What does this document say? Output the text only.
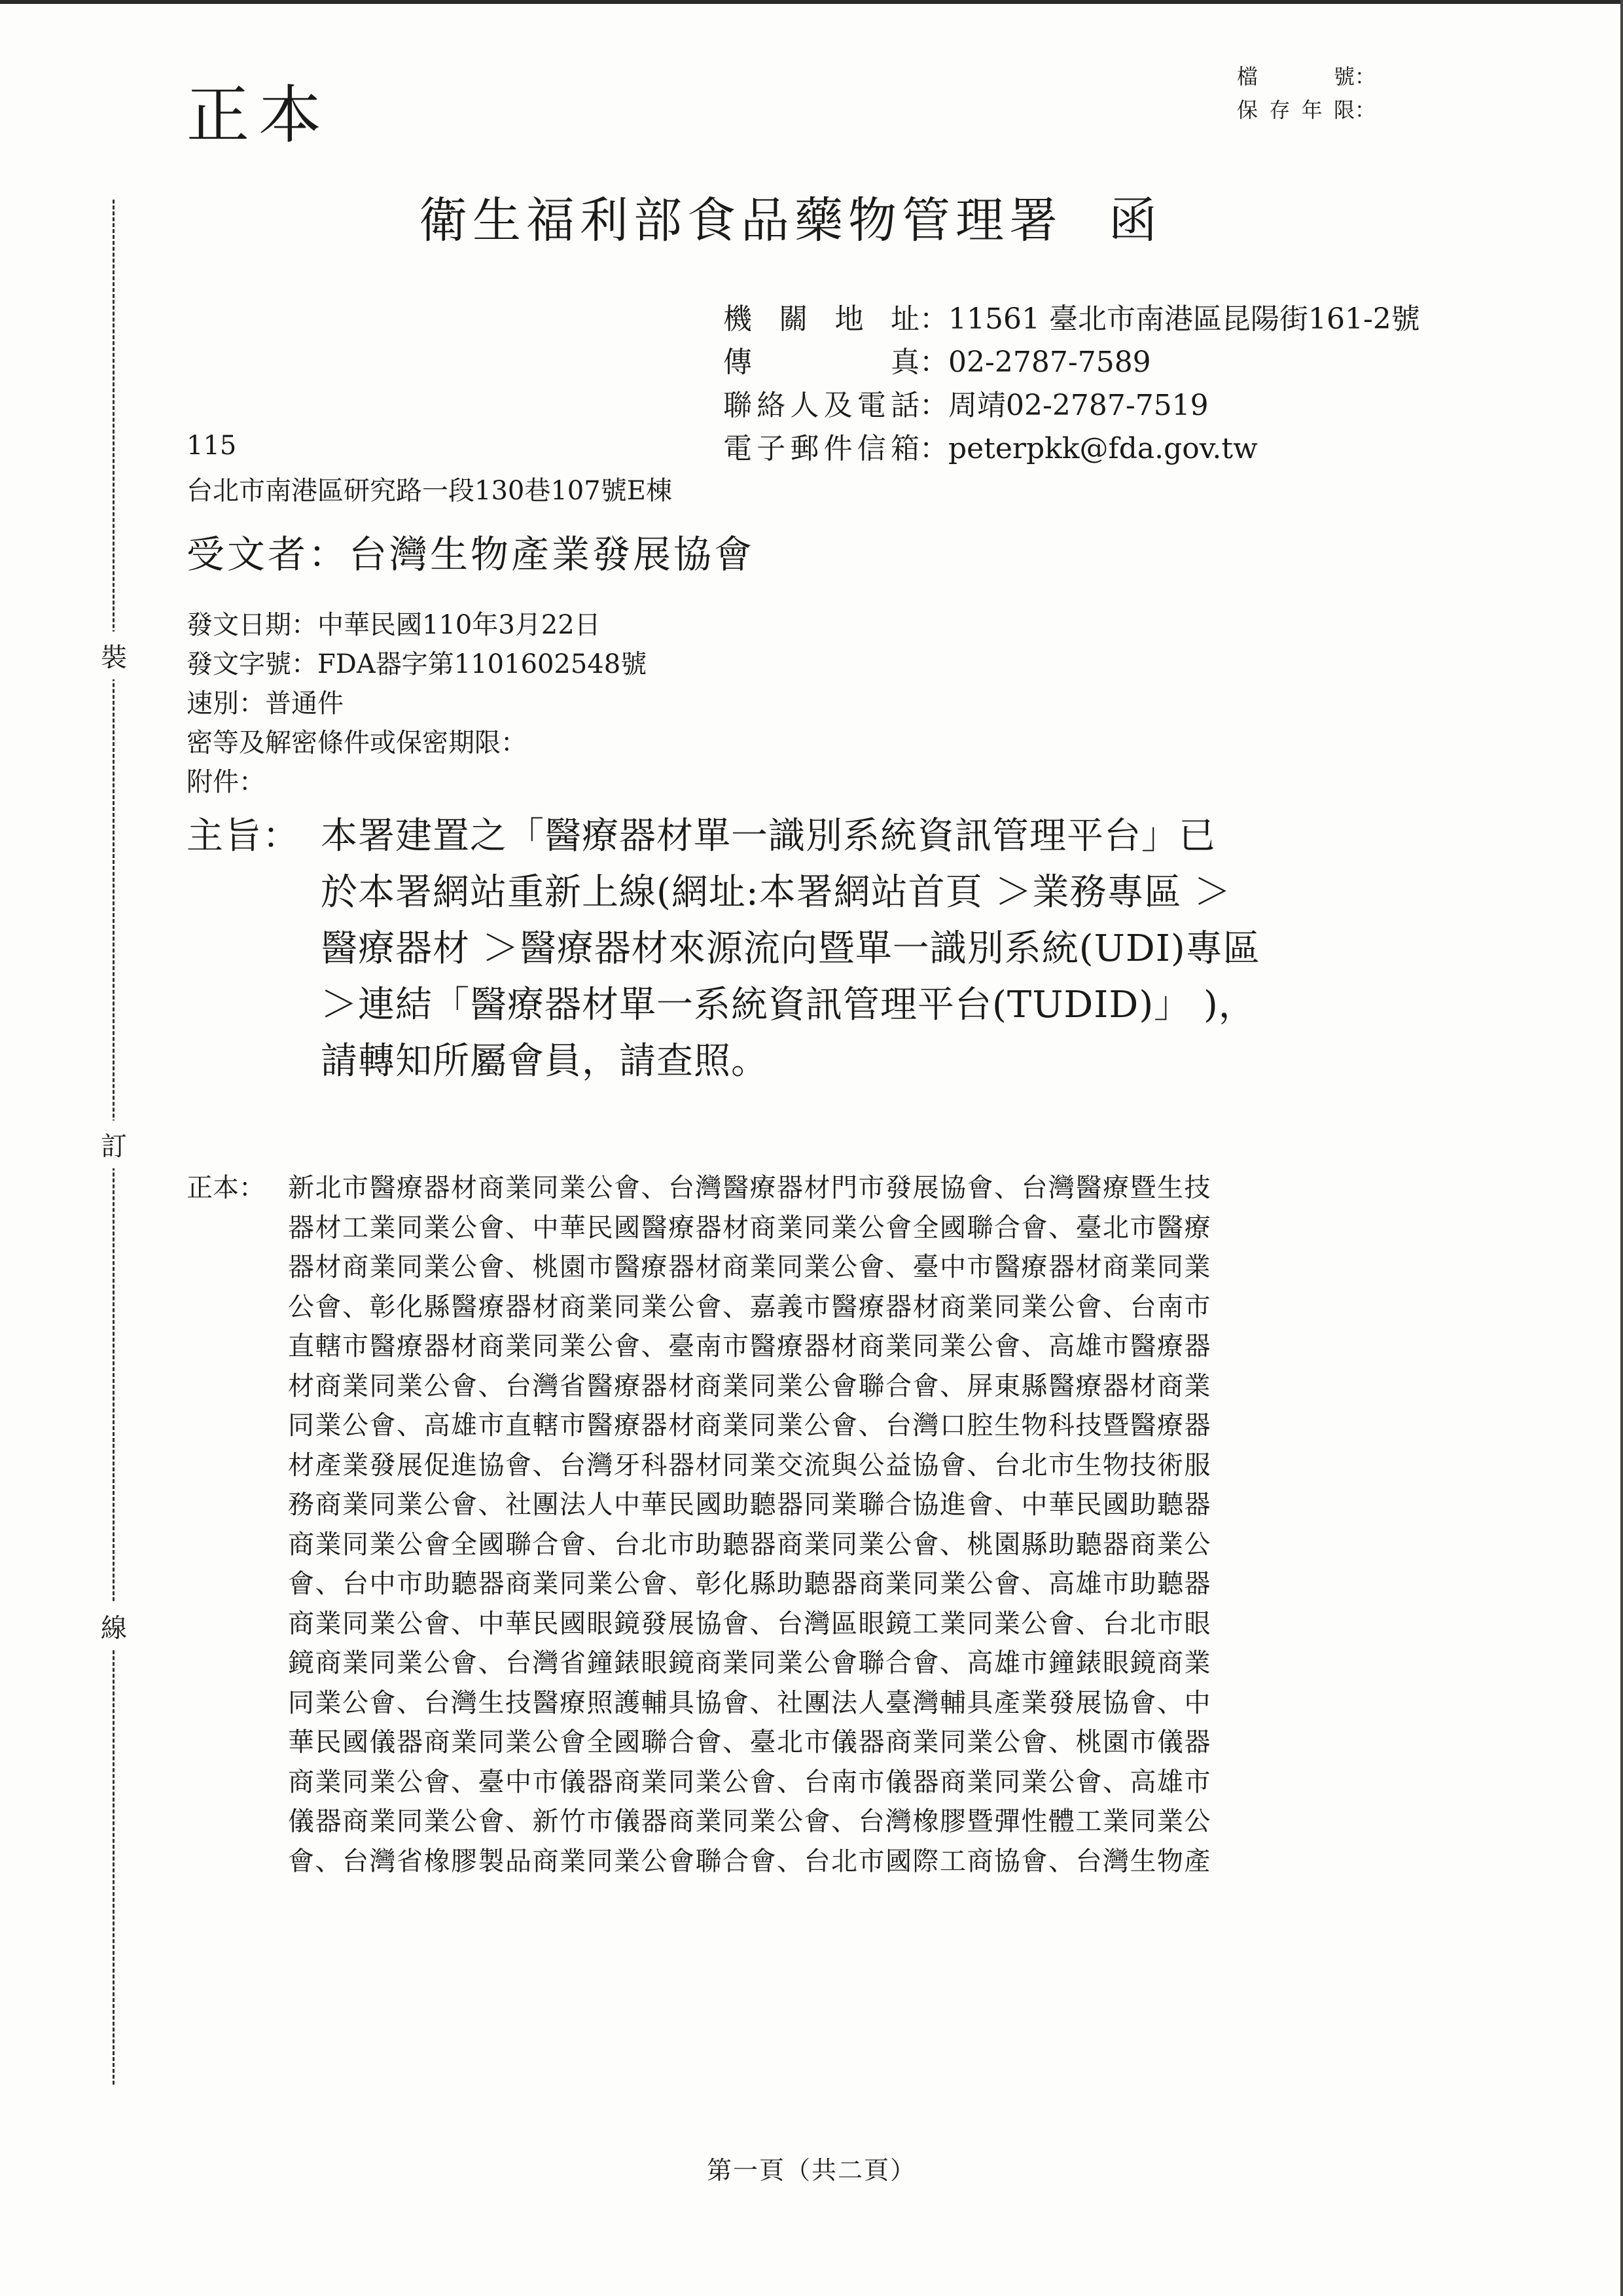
正本
檔號 ：
保存年限 ：
衛生福利部食品藥物管理署 函
機關地址 ： 11561 臺北市南港區昆陽街161-2號
傳真 ： 02-2787-7589
聯絡人及電話 ： 周靖02-2787-7519
電子郵件信箱 ： peterpkk@fda.gov.tw
115
台北市南港區研究路一段130巷107號E棟
受文者：台灣生物產業發展協會
發文日期：中華民國110年3月22日
發文字號：FDA器字第1101602548號
速別：普通件
密等及解密條件或保密期限：
附件：
主旨： 本署建置之「醫療器材單一識別系統資訊管理平台」已
於本署網站重新上線(網址:本署網站首頁 ＞業務專區 ＞
醫療器材 ＞醫療器材來源流向暨單一識別系統(UDI)專區
＞連結「醫療器材單一系統資訊管理平台(TUDID)」 )，
請轉知所屬會員，請查照。
正本： 新北市醫療器材商業同業公會、台灣醫療器材門市發展協會、台灣醫療暨生技
器材工業同業公會、中華民國醫療器材商業同業公會全國聯合會、臺北市醫療
器材商業同業公會、桃園市醫療器材商業同業公會、臺中市醫療器材商業同業
公會、彰化縣醫療器材商業同業公會、嘉義市醫療器材商業同業公會、台南市
直轄市醫療器材商業同業公會、臺南市醫療器材商業同業公會、高雄市醫療器
材商業同業公會、台灣省醫療器材商業同業公會聯合會、屏東縣醫療器材商業
同業公會、高雄市直轄市醫療器材商業同業公會、台灣口腔生物科技暨醫療器
材產業發展促進協會、台灣牙科器材同業交流與公益協會、台北市生物技術服
務商業同業公會、社團法人中華民國助聽器同業聯合協進會、中華民國助聽器
商業同業公會全國聯合會、台北市助聽器商業同業公會、桃園縣助聽器商業公
會、台中市助聽器商業同業公會、彰化縣助聽器商業同業公會、高雄市助聽器
商業同業公會、中華民國眼鏡發展協會、台灣區眼鏡工業同業公會、台北市眼
鏡商業同業公會、台灣省鐘錶眼鏡商業同業公會聯合會、高雄市鐘錶眼鏡商業
同業公會、台灣生技醫療照護輔具協會、社團法人臺灣輔具產業發展協會、中
華民國儀器商業同業公會全國聯合會、臺北市儀器商業同業公會、桃園市儀器
商業同業公會、臺中市儀器商業同業公會、台南市儀器商業同業公會、高雄市
儀器商業同業公會、新竹市儀器商業同業公會、台灣橡膠暨彈性體工業同業公
會、台灣省橡膠製品商業同業公會聯合會、台北市國際工商協會、台灣生物產
裝
訂
線
第一頁（共二頁）
